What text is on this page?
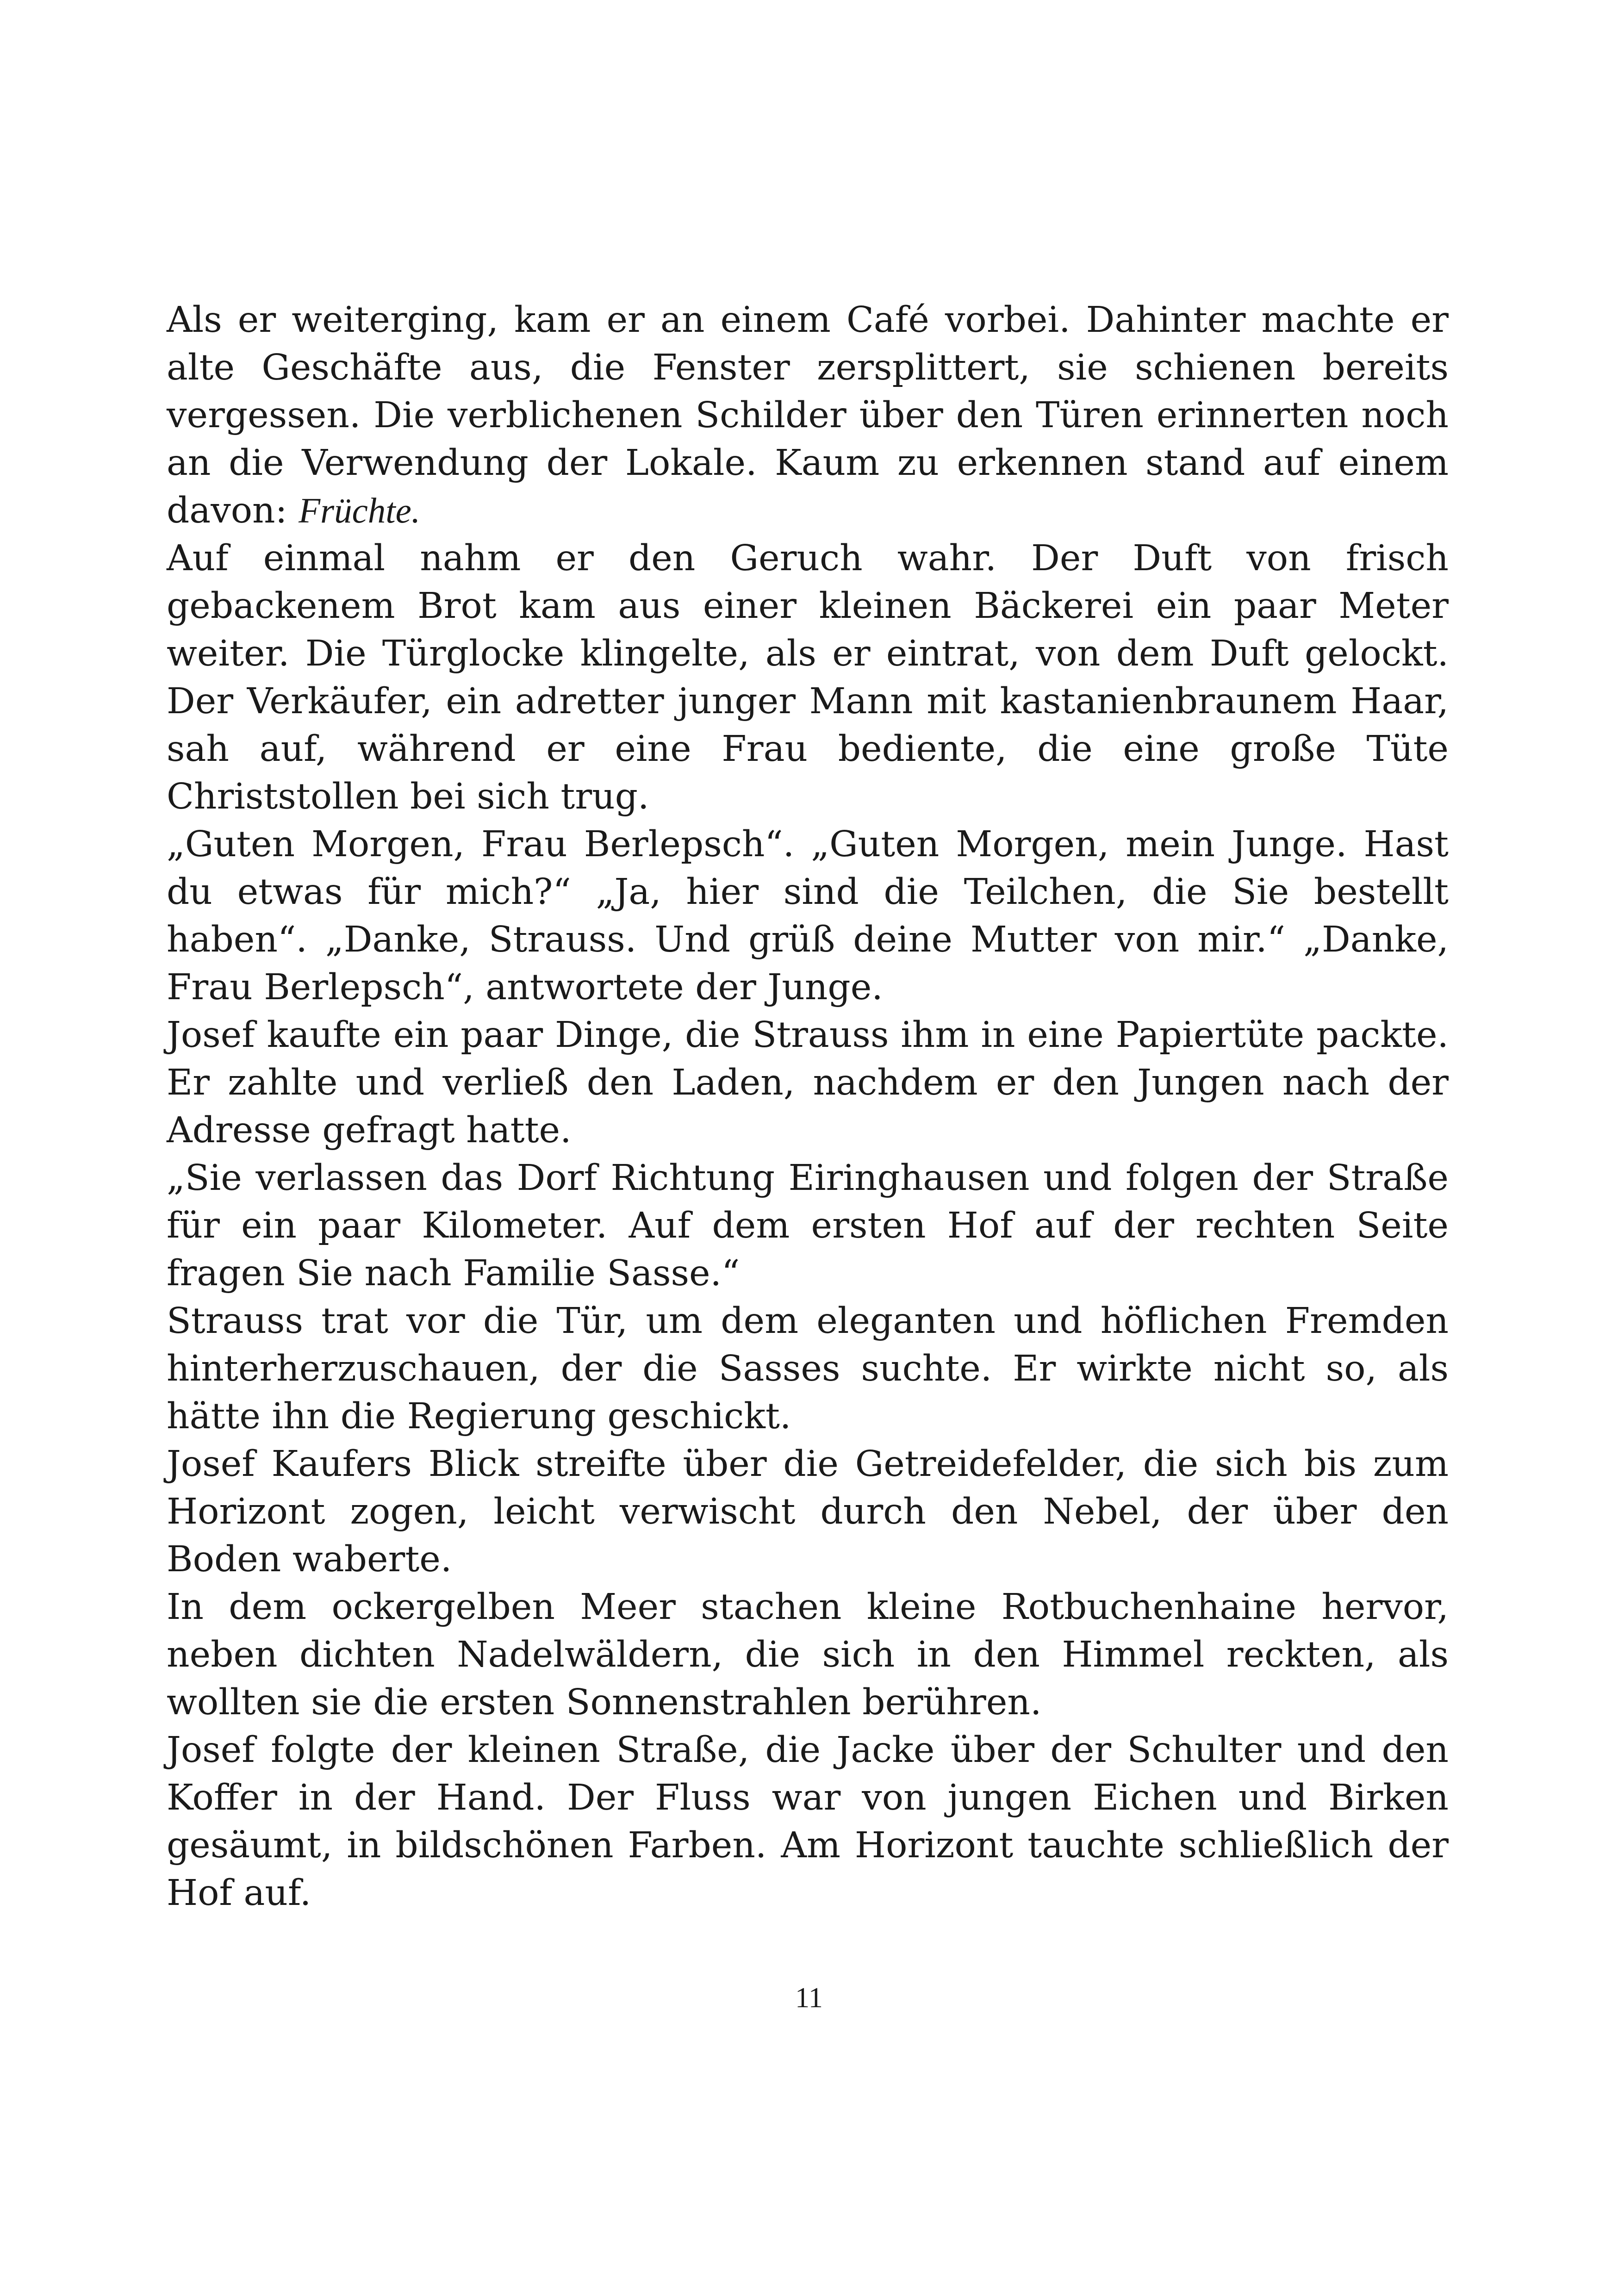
Als er weiterging, kam er an einem Café vorbei. Dahinter machte er alte Geschäfte aus, die Fenster zersplittert, sie schienen bereits vergessen. Die verblichenen Schilder über den Türen erinnerten noch an die Verwendung der Lokale. Kaum zu erkennen stand auf einem davon: Früchte.

Auf einmal nahm er den Geruch wahr. Der Duft von frisch gebackenem Brot kam aus einer kleinen Bäckerei ein paar Meter weiter. Die Türglocke klingelte, als er eintrat, von dem Duft gelockt. Der Verkäufer, ein adretter junger Mann mit kastanienbraunem Haar, sah auf, während er eine Frau bediente, die eine große Tüte Christstollen bei sich trug.

„Guten Morgen, Frau Berlepsch“. „Guten Morgen, mein Junge. Hast du etwas für mich?“ „Ja, hier sind die Teilchen, die Sie bestellt haben“. „Danke, Strauss. Und grüß deine Mutter von mir.“ „Danke, Frau Berlepsch“, antwortete der Junge.

Josef kaufte ein paar Dinge, die Strauss ihm in eine Papiertüte packte. Er zahlte und verließ den Laden, nachdem er den Jungen nach der Adresse gefragt hatte.

„Sie verlassen das Dorf Richtung Eiringhausen und folgen der Straße für ein paar Kilometer. Auf dem ersten Hof auf der rechten Seite fragen Sie nach Familie Sasse.“

Strauss trat vor die Tür, um dem eleganten und höflichen Fremden hinterherzuschauen, der die Sasses suchte. Er wirkte nicht so, als hätte ihn die Regierung geschickt.

Josef Kaufers Blick streifte über die Getreidefelder, die sich bis zum Horizont zogen, leicht verwischt durch den Nebel, der über den Boden waberte.

In dem ockergelben Meer stachen kleine Rotbuchenhaine hervor, neben dichten Nadelwäldern, die sich in den Himmel reckten, als wollten sie die ersten Sonnenstrahlen berühren.

Josef folgte der kleinen Straße, die Jacke über der Schulter und den Koffer in der Hand. Der Fluss war von jungen Eichen und Birken gesäumt, in bildschönen Farben. Am Horizont tauchte schließlich der Hof auf.

11
